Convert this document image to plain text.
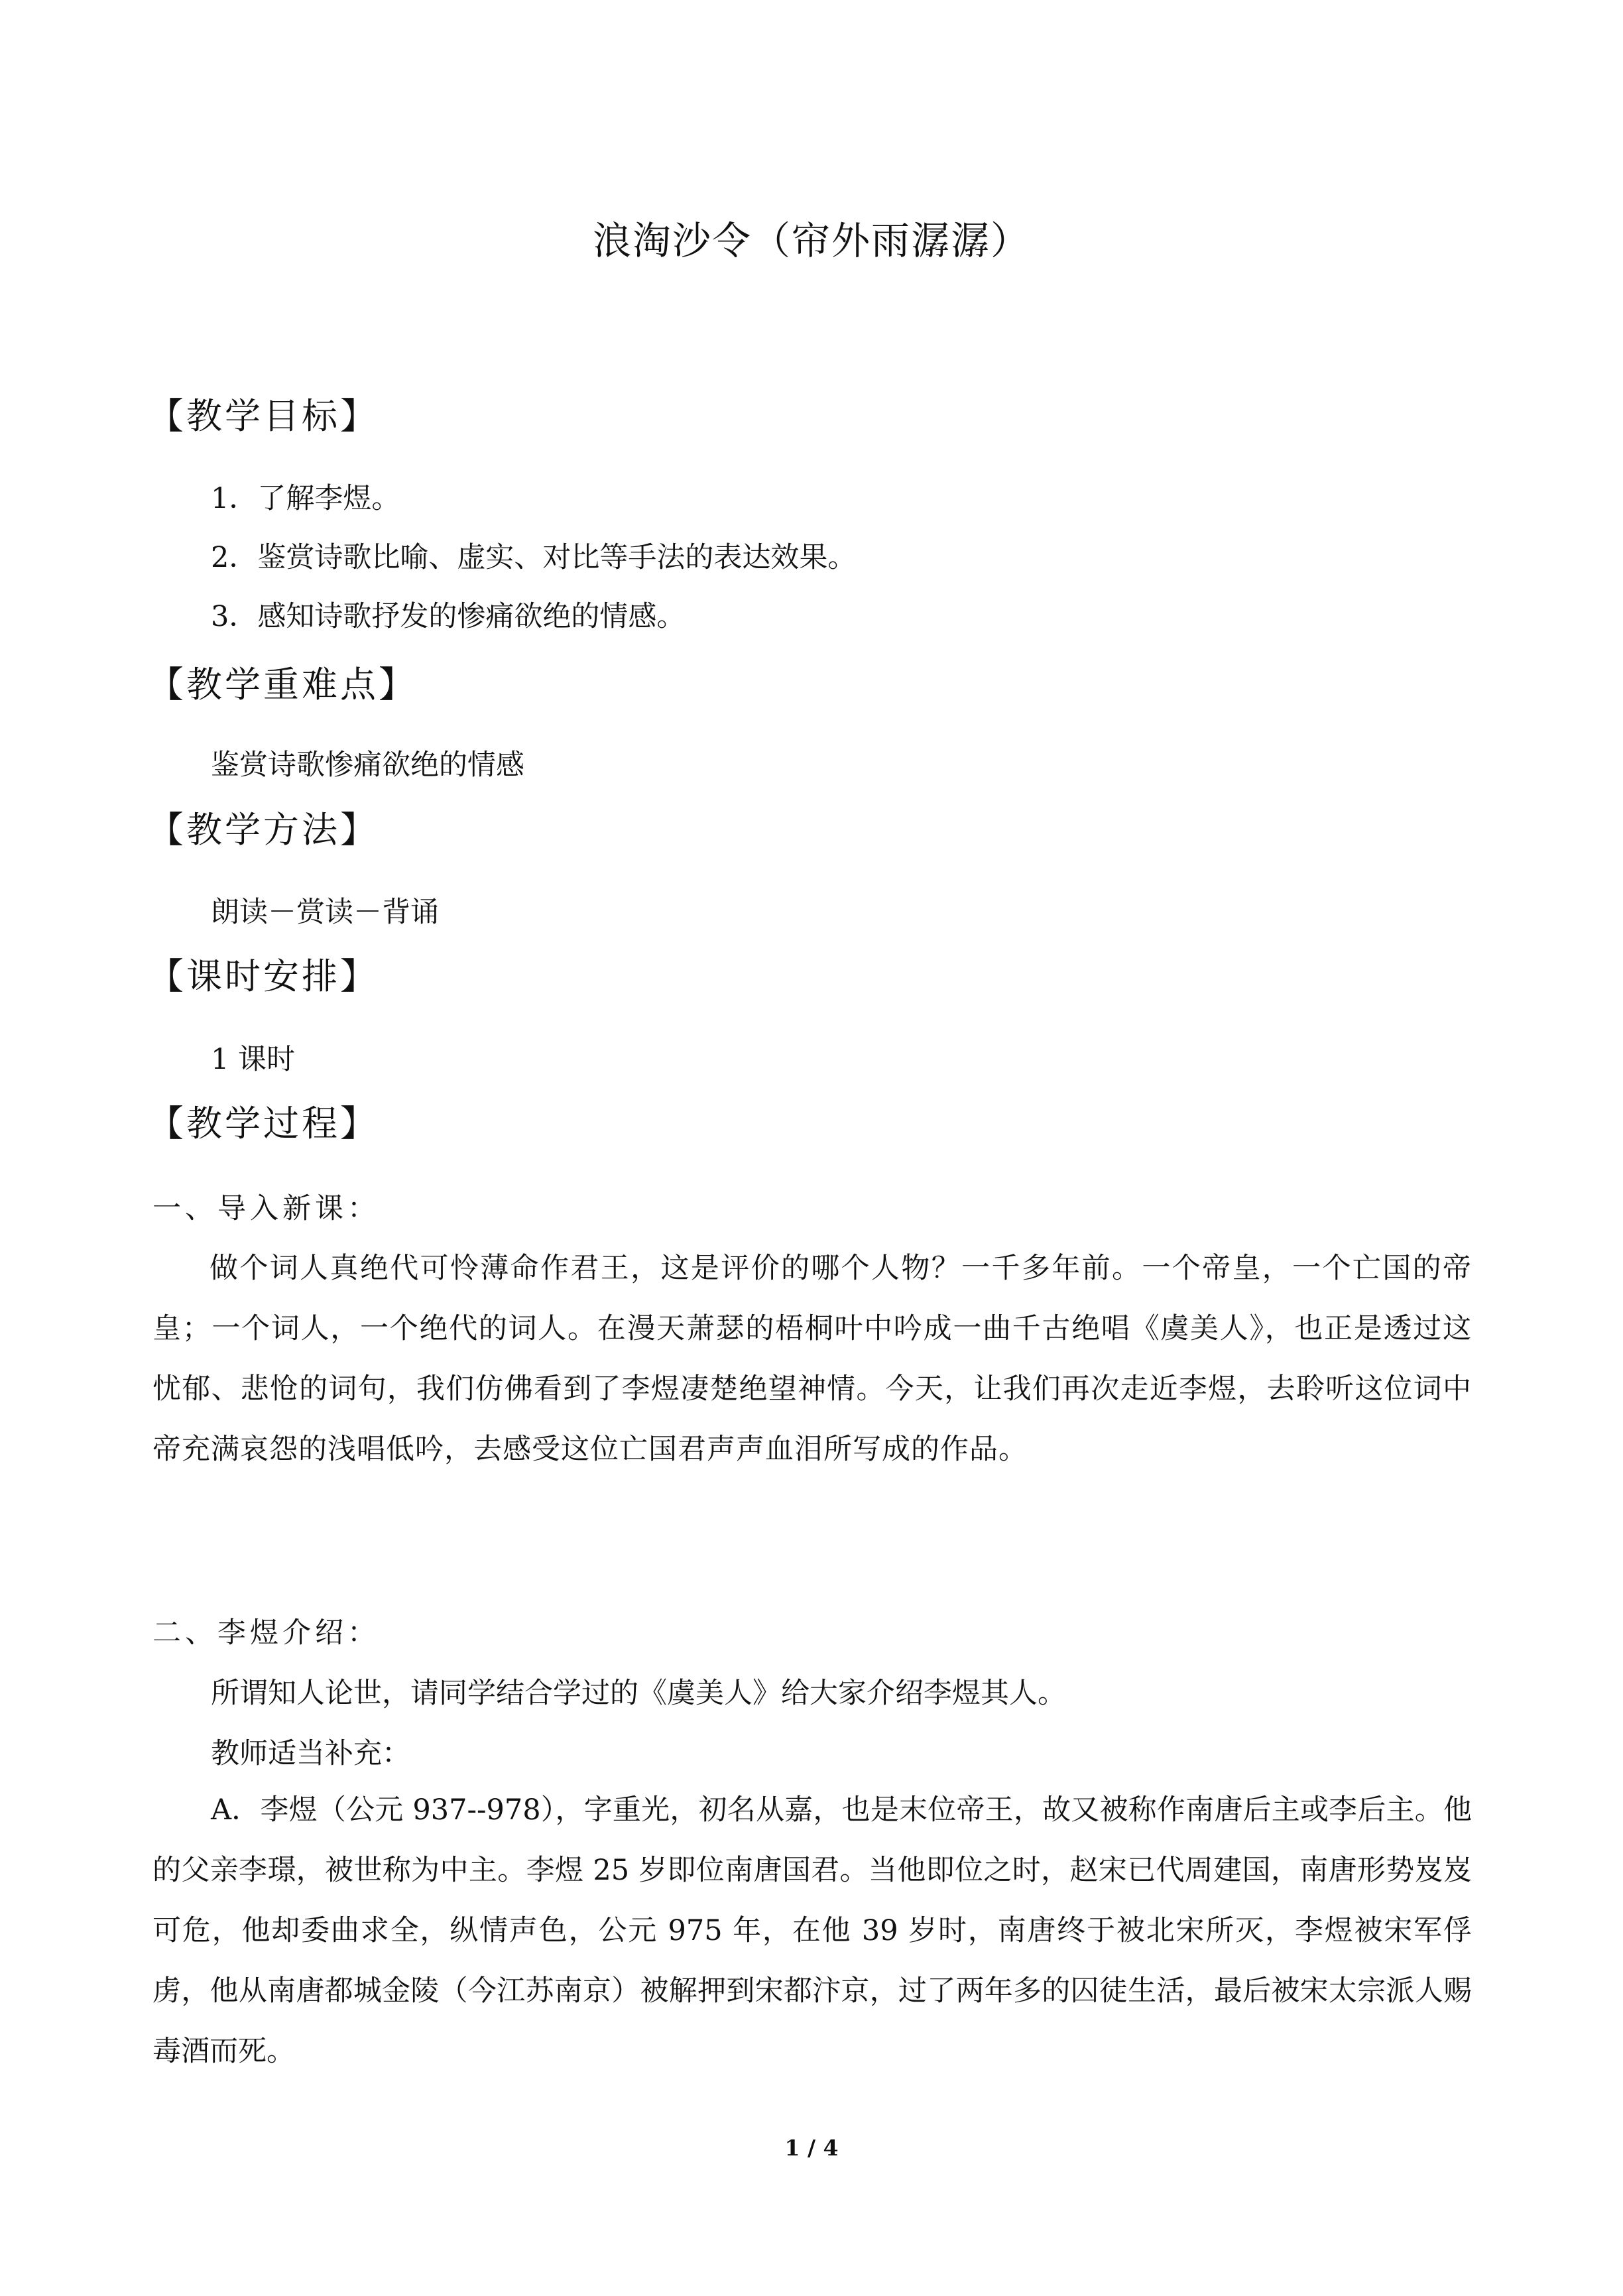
浪淘沙令（帘外雨潺潺）
【教学目标】
1．了解李煜。
2．鉴赏诗歌比喻、虚实、对比等手法的表达效果。
3．感知诗歌抒发的惨痛欲绝的情感。
【教学重难点】
鉴赏诗歌惨痛欲绝的情感
【教学方法】
朗读－赏读－背诵
【课时安排】
1 课时
【教学过程】
一、导入新课：
做个词人真绝代可怜薄命作君王，这是评价的哪个人物？一千多年前。一个帝皇，一个亡国的帝皇；一个词人，一个绝代的词人。在漫天萧瑟的梧桐叶中吟成一曲千古绝唱《虞美人》，也正是透过这忧郁、悲怆的词句，我们仿佛看到了李煜凄楚绝望神情。今天，让我们再次走近李煜，去聆听这位词中帝充满哀怨的浅唱低吟，去感受这位亡国君声声血泪所写成的作品。
二、李煜介绍：
所谓知人论世，请同学结合学过的《虞美人》给大家介绍李煜其人。
教师适当补充：
A．李煜（公元 937--978），字重光，初名从嘉，也是末位帝王，故又被称作南唐后主或李后主。他的父亲李璟，被世称为中主。李煜 25 岁即位南唐国君。当他即位之时，赵宋已代周建国，南唐形势岌岌可危，他却委曲求全，纵情声色，公元 975 年，在他 39 岁时，南唐终于被北宋所灭，李煜被宋军俘虏，他从南唐都城金陵（今江苏南京）被解押到宋都汴京，过了两年多的囚徒生活，最后被宋太宗派人赐毒酒而死。
1 / 4
